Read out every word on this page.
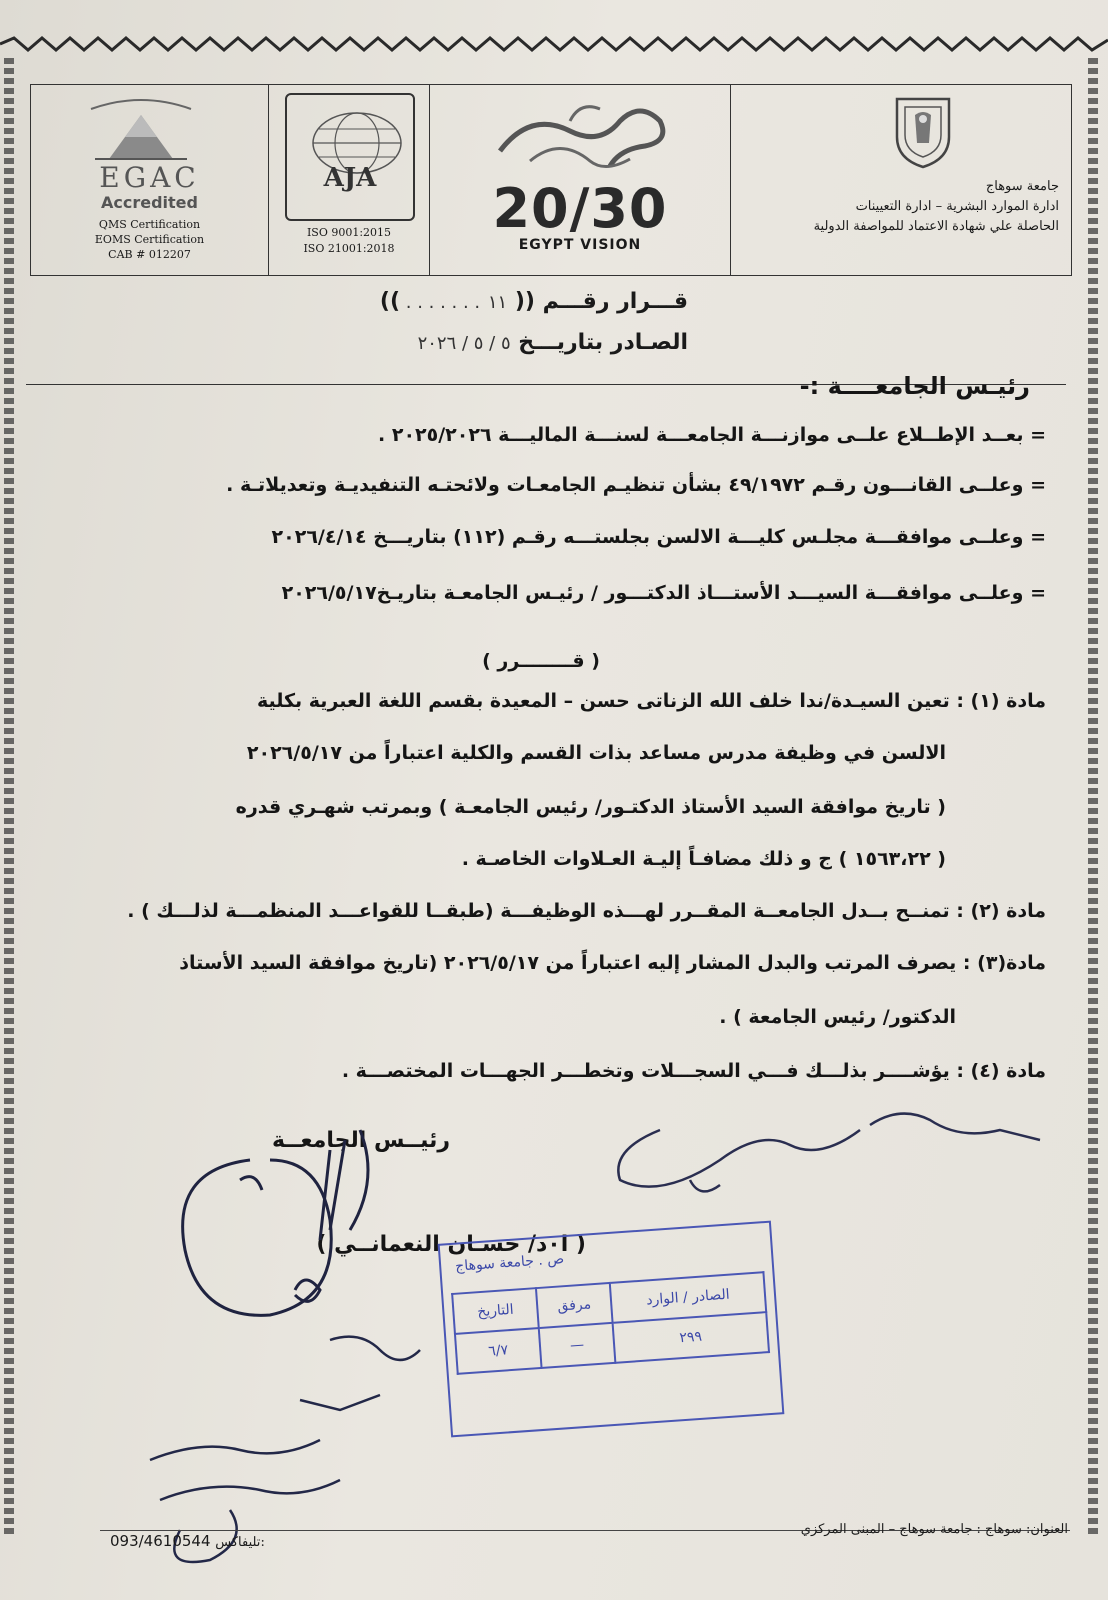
جامعة سوهاج
ادارة الموارد البشرية – ادارة التعيينات
الحاصلة علي شهادة الاعتماد للمواصفة الدولية
20/30
EGYPT VISION
AJA
ISO 9001:2015
ISO 21001:2018
EGAC
Accredited
QMS Certification
EOMS Certification
CAB # 012207
قـــرار رقـــم (( ١١ . . . . . . . ))
الصـادر بتاريـــخ ٥ / ٥ / ٢٠٢٦
رئيـس الجامعــــة :-
= بعــد الإطــلاع علــى موازنـــة الجامعـــة لسنـــة الماليـــة ٢٠٢٥/٢٠٢٦ .
= وعلــى القانـــون رقـم ٤٩/١٩٧٢ بشأن تنظيـم الجامعـات ولائحتـه التنفيديـة وتعديلاتـة .
= وعلــى موافقـــة مجلـس كليـــة الالسن بجلستـــه رقـم (١١٢) بتاريـــخ ٢٠٢٦/٤/١٤
= وعلــى موافقـــة السيـــد الأستـــاذ الدكتـــور / رئيـس الجامعـة بتاريـخ٢٠٢٦/٥/١٧
( قــــــــرر )
مادة (١) : تعين السيـدة/ندا خلف الله الزناتى حسن – المعيدة بقسم اللغة العبرية بكلية
الالسن في وظيفة مدرس مساعد بذات القسم والكلية اعتباراً من ٢٠٢٦/٥/١٧
( تاريخ موافقة السيد الأستاذ الدكتـور/ رئيس الجامعـة ) وبمرتب شهـري قدره
( ١٥٦٣،٢٢ ) ج و ذلك مضافـاً إليـة العـلاوات الخاصـة .
مادة (٢) : تمنــح بــدل الجامعــة المقــرر لهـــذه الوظيفـــة (طبقــا للقواعـــد المنظمـــة لذلـــك ) .
مادة(٣) : يصرف المرتب والبدل المشار إليه اعتباراً من ٢٠٢٦/٥/١٧ (تاريخ موافقة السيد الأستاذ
الدكتور/ رئيس الجامعة ) .
مادة (٤) : يؤشــــر بذلـــك فـــي السجـــلات وتخطـــر الجهـــات المختصـــة .
رئيــس الجامعــة
( ا٠د/ حسـان النعمانــي )
ص . جامعة سوهاج
التاريخ	مرفق	الصادر / الوارد
٦/٧	—	٢٩٩
العنوان: سوهاج : جامعة سوهاج – المبنى المركزي
093/4610544 تليفاكس:
